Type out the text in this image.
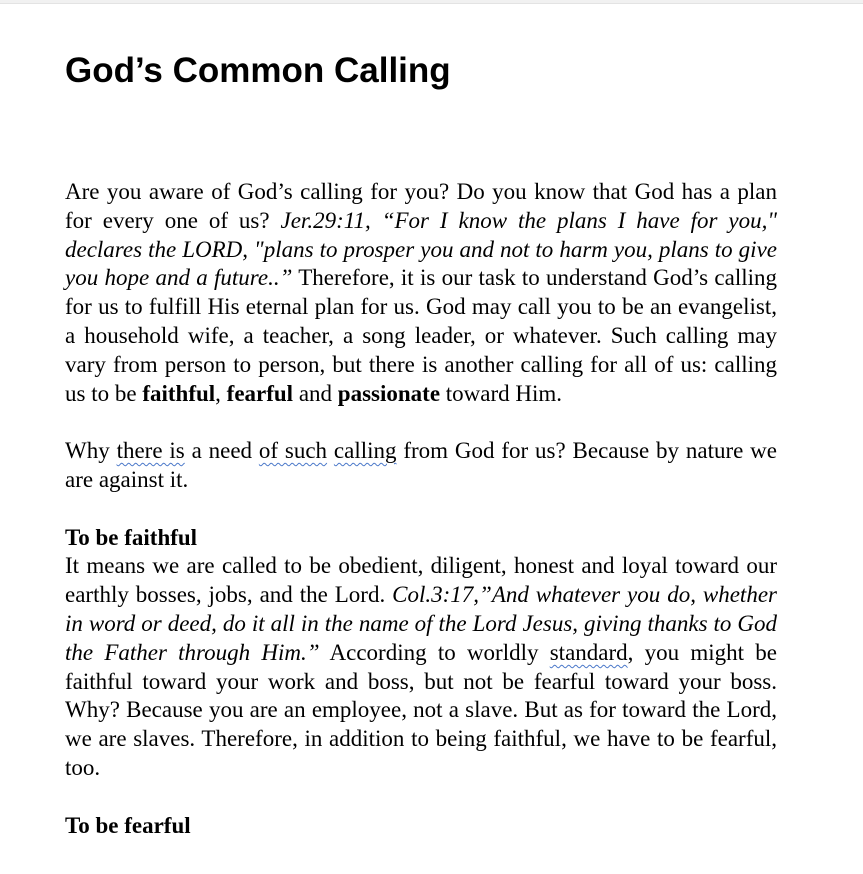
God’s Common Calling

Are you aware of God’s calling for you? Do you know that God has a plan for every one of us? Jer.29:11, “For I know the plans I have for you," declares the LORD, "plans to prosper you and not to harm you, plans to give you hope and a future..” Therefore, it is our task to understand God’s calling for us to fulfill His eternal plan for us. God may call you to be an evangelist, a household wife, a teacher, a song leader, or whatever. Such calling may vary from person to person, but there is another calling for all of us: calling us to be faithful, fearful and passionate toward Him.

Why there is a need of such calling from God for us? Because by nature we are against it.

To be faithful

It means we are called to be obedient, diligent, honest and loyal toward our earthly bosses, jobs, and the Lord. Col.3:17,”And whatever you do, whether in word or deed, do it all in the name of the Lord Jesus, giving thanks to God the Father through Him.” According to worldly standard, you might be faithful toward your work and boss, but not be fearful toward your boss. Why? Because you are an employee, not a slave. But as for toward the Lord, we are slaves. Therefore, in addition to being faithful, we have to be fearful, too.

To be fearful
